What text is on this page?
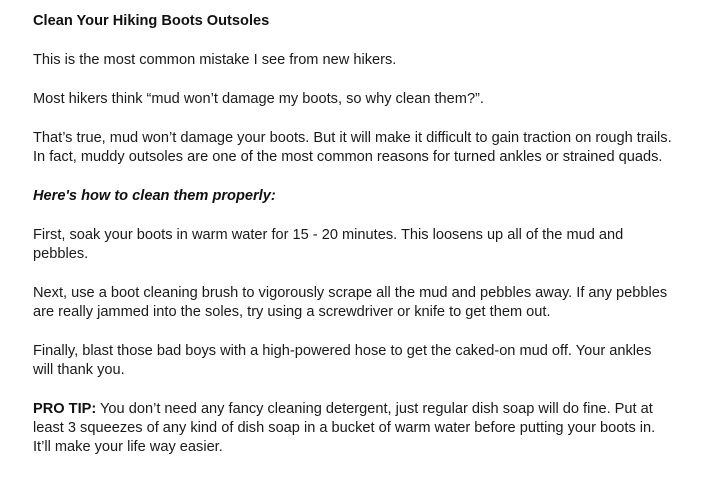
Clean Your Hiking Boots Outsoles

This is the most common mistake I see from new hikers.

Most hikers think “mud won’t damage my boots, so why clean them?”.

That’s true, mud won’t damage your boots. But it will make it difficult to gain traction on rough trails. In fact, muddy outsoles are one of the most common reasons for turned ankles or strained quads.

Here's how to clean them properly:

First, soak your boots in warm water for 15 - 20 minutes. This loosens up all of the mud and pebbles.

Next, use a boot cleaning brush to vigorously scrape all the mud and pebbles away. If any pebbles are really jammed into the soles, try using a screwdriver or knife to get them out.

Finally, blast those bad boys with a high-powered hose to get the caked-on mud off. Your ankles will thank you.

PRO TIP: You don’t need any fancy cleaning detergent, just regular dish soap will do fine. Put at least 3 squeezes of any kind of dish soap in a bucket of warm water before putting your boots in. It’ll make your life way easier.
